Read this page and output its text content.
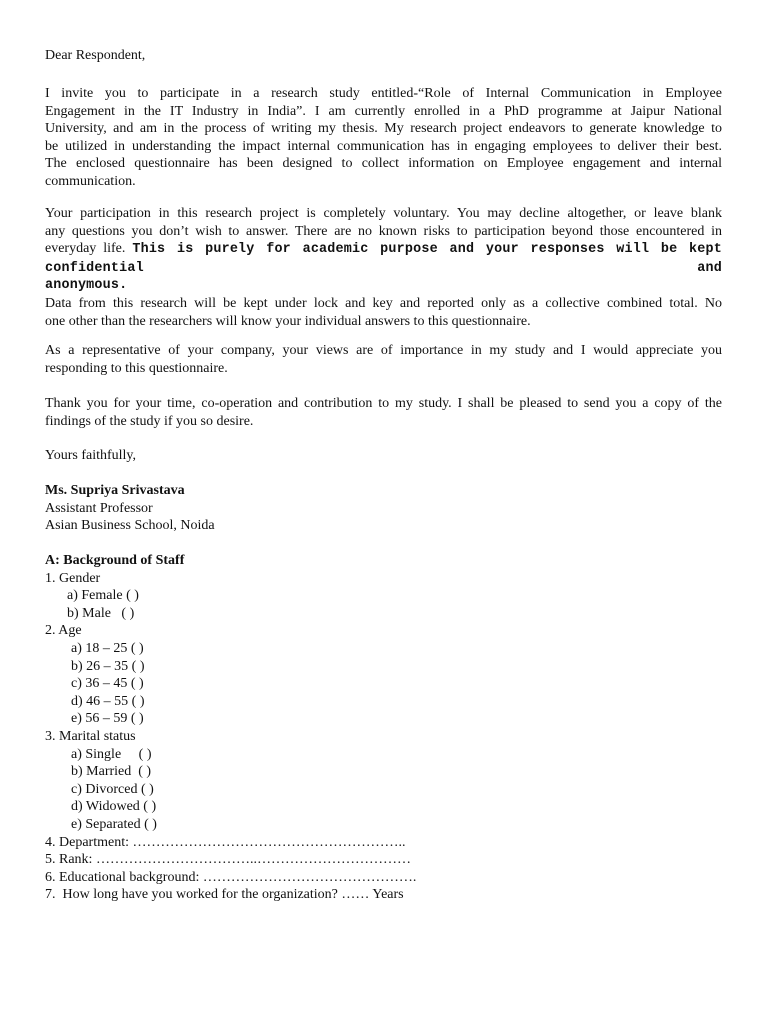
Dear Respondent,

I invite you to participate in a research study entitled-“Role of Internal Communication in Employee
Engagement in the IT Industry in India”. I am currently enrolled in a PhD programme at Jaipur National
University, and am in the process of writing my thesis. My research project endeavors to generate knowledge to
be utilized in understanding the impact internal communication has in engaging employees to deliver their best.
The enclosed questionnaire has been designed to collect information on Employee engagement and internal
communication.
Your participation in this research project is completely voluntary. You may decline altogether, or leave blank
any questions you don’t wish to answer. There are no known risks to participation beyond those encountered in
everyday life. This is purely for academic purpose and your responses will be kept confidential and
anonymous.
Data from this research will be kept under lock and key and reported only as a collective combined total. No
one other than the researchers will know your individual answers to this questionnaire.
As a representative of your company, your views are of importance in my study and I would appreciate you
responding to this questionnaire.
Thank you for your time, co-operation and contribution to my study. I shall be pleased to send you a copy of the
findings of the study if you so desire.

Yours faithfully,

Ms. Supriya Srivastava
Assistant Professor
Asian Business School, Noida
A: Background of Staff
1. Gender
a) Female ( )
b) Male   ( )
2. Age
a) 18 – 25 ( )
b) 26 – 35 ( )
c) 36 – 45 ( )
d) 46 – 55 ( )
e) 56 – 59 ( )
3. Marital status
a) Single     ( )
b) Married  ( )
c) Divorced ( )
d) Widowed ( )
e) Separated ( )
4. Department: …………………………………………………..
5. Rank: ……………………………..……………………………
6. Educational background: ……………………………………….
7.  How long have you worked for the organization? …… Years
